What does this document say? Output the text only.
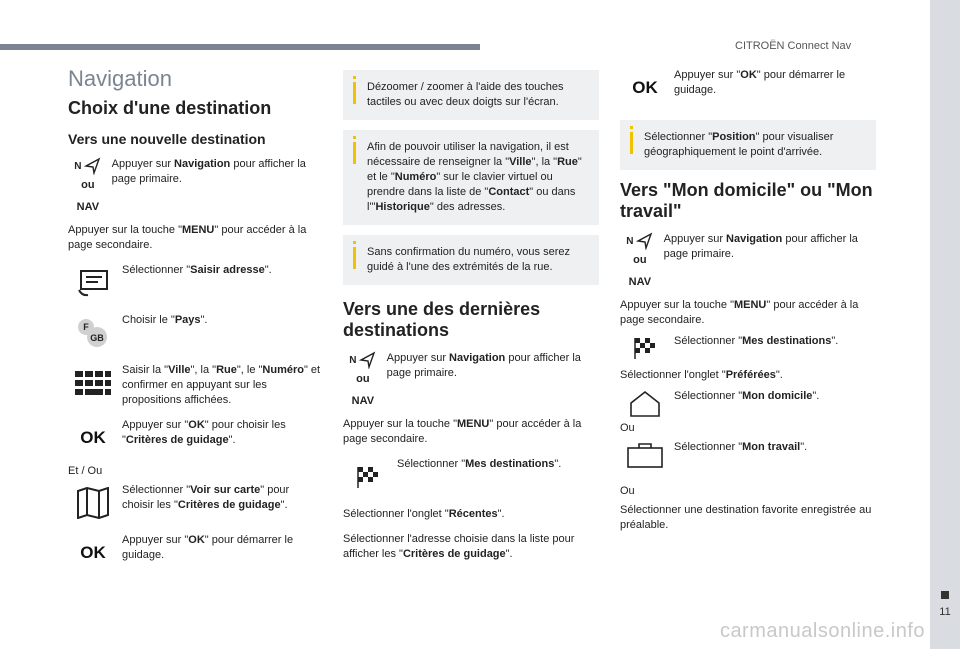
CITROËN Connect Nav
11
carmanualsonline.info
Navigation
Choix d'une destination
Vers une nouvelle destination
N
ou
NAV
Appuyer sur Navigation pour afficher la page primaire.
Appuyer sur la touche "MENU" pour accéder à la page secondaire.
Sélectionner "Saisir adresse".
F
GB
Choisir le "Pays".
Saisir la "Ville", la "Rue", le "Numéro" et confirmer en appuyant sur les propositions affichées.
OK
Appuyer sur "OK" pour choisir les "Critères de guidage".
Et / Ou
Sélectionner "Voir sur carte" pour choisir les "Critères de guidage".
OK
Appuyer sur "OK" pour démarrer le guidage.
Dézoomer / zoomer à l'aide des touches tactiles ou avec deux doigts sur l'écran.
Afin de pouvoir utiliser la navigation, il est nécessaire de renseigner la "Ville", la "Rue" et le "Numéro" sur le clavier virtuel ou prendre dans la liste de "Contact" ou dans l'"Historique" des adresses.
Sans confirmation du numéro, vous serez guidé à l'une des extrémités de la rue.
Vers une des dernières destinations
N
ou
NAV
Appuyer sur Navigation pour afficher la page primaire.
Appuyer sur la touche "MENU" pour accéder à la page secondaire.
Sélectionner "Mes destinations".
Sélectionner l'onglet "Récentes".
Sélectionner l'adresse choisie dans la liste pour afficher les "Critères de guidage".
OK
Appuyer sur "OK" pour démarrer le guidage.
Sélectionner "Position" pour visualiser géographiquement le point d'arrivée.
Vers "Mon domicile" ou "Mon travail"
N
ou
NAV
Appuyer sur Navigation pour afficher la page primaire.
Appuyer sur la touche "MENU" pour accéder à la page secondaire.
Sélectionner "Mes destinations".
Sélectionner l'onglet "Préférées".
Sélectionner "Mon domicile".
Ou
Sélectionner "Mon travail".
Ou
Sélectionner une destination favorite enregistrée au préalable.
